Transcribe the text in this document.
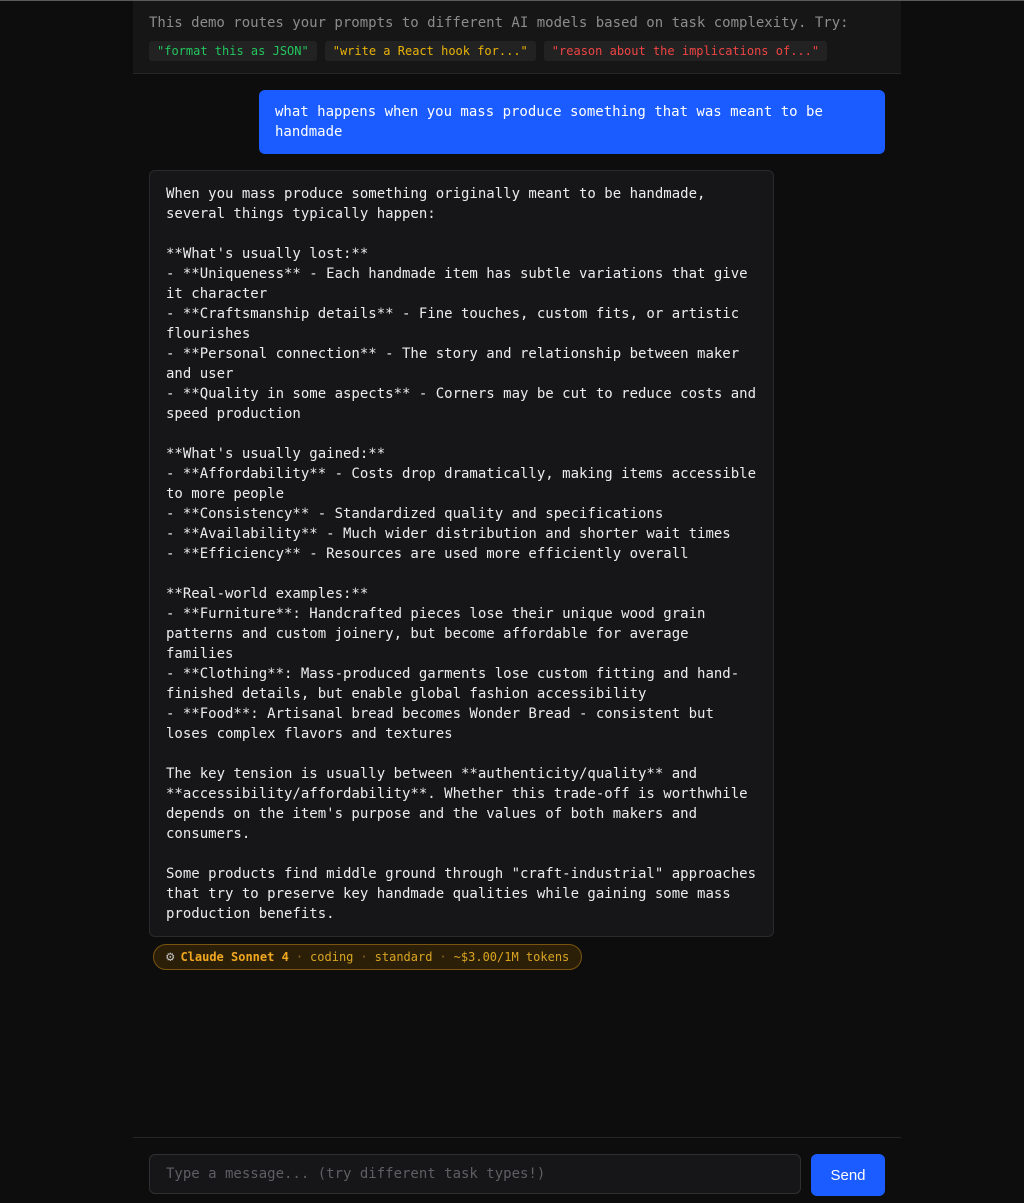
This demo routes your prompts to different AI models based on task complexity. Try:
"format this as JSON"	"write a React hook for..."	"reason about the implications of..."
what happens when you mass produce something that was meant to be handmade
When you mass produce something originally meant to be handmade, several things typically happen:

**What's usually lost:**
- **Uniqueness** - Each handmade item has subtle variations that give it character
- **Craftsmanship details** - Fine touches, custom fits, or artistic flourishes
- **Personal connection** - The story and relationship between maker and user
- **Quality in some aspects** - Corners may be cut to reduce costs and speed production

**What's usually gained:**
- **Affordability** - Costs drop dramatically, making items accessible to more people
- **Consistency** - Standardized quality and specifications
- **Availability** - Much wider distribution and shorter wait times
- **Efficiency** - Resources are used more efficiently overall

**Real-world examples:**
- **Furniture**: Handcrafted pieces lose their unique wood grain patterns and custom joinery, but become affordable for average families
- **Clothing**: Mass-produced garments lose custom fitting and hand-finished details, but enable global fashion accessibility
- **Food**: Artisanal bread becomes Wonder Bread - consistent but loses complex flavors and textures

The key tension is usually between **authenticity/quality** and **accessibility/affordability**. Whether this trade-off is worthwhile depends on the item's purpose and the values of both makers and consumers.

Some products find middle ground through "craft-industrial" approaches that try to preserve key handmade qualities while gaining some mass production benefits.
⚙ Claude Sonnet 4 · coding · standard · ~$3.00/1M tokens
Type a message... (try different task types!)
Send
